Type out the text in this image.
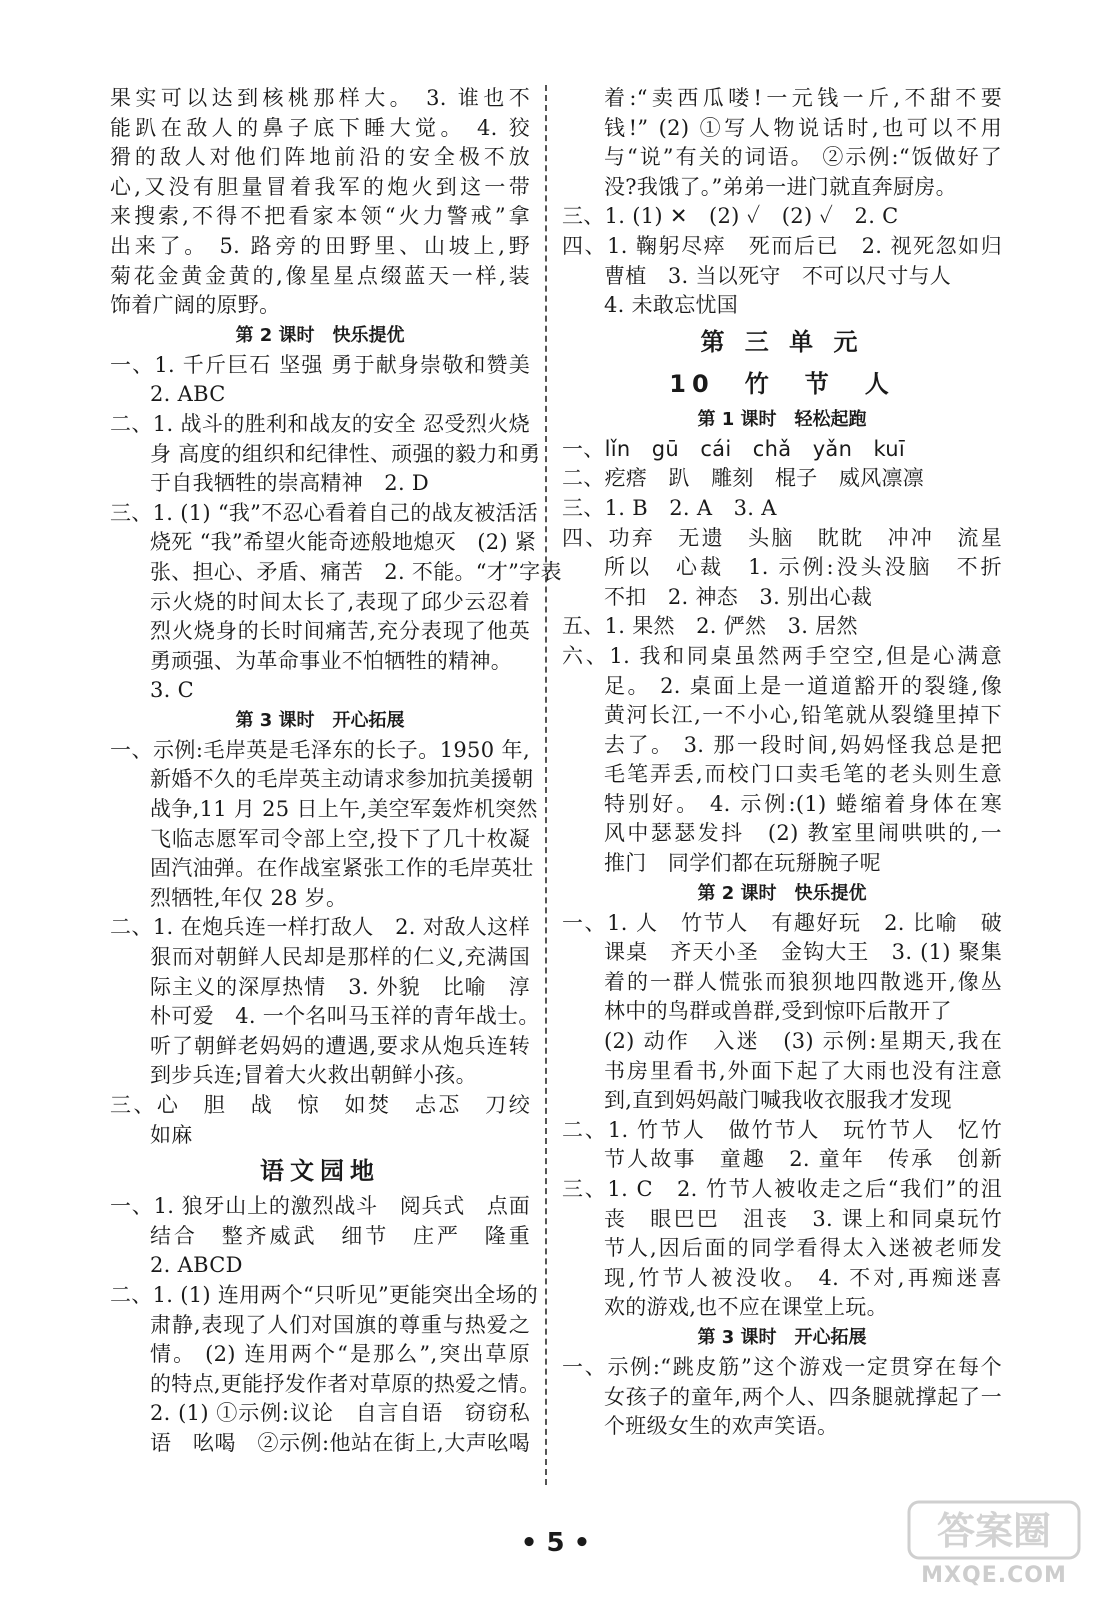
果实可以达到核桃那样大。 3. 谁也不
能趴在敌人的鼻子底下睡大觉。 4. 狡
猾的敌人对他们阵地前沿的安全极不放
心,又没有胆量冒着我军的炮火到这一带
来搜索,不得不把看家本领“火力警戒”拿
出来了。 5. 路旁的田野里、山坡上,野
菊花金黄金黄的,像星星点缀蓝天一样,装
饰着广阔的原野。
第 2 课时　快乐提优
一、1. 千斤巨石 坚强 勇于献身崇敬和赞美
2. ABC
二、1. 战斗的胜利和战友的安全 忍受烈火烧
身 高度的组织和纪律性、顽强的毅力和勇
于自我牺牲的崇高精神　2. D
三、1. (1) “我”不忍心看着自己的战友被活活
烧死 “我”希望火能奇迹般地熄灭　(2) 紧
张、担心、矛盾、痛苦　2. 不能。“才”字表
示火烧的时间太长了,表现了邱少云忍着
烈火烧身的长时间痛苦,充分表现了他英
勇顽强、为革命事业不怕牺牲的精神。
3. C
第 3 课时　开心拓展
一、示例:毛岸英是毛泽东的长子。1950 年,
新婚不久的毛岸英主动请求参加抗美援朝
战争,11 月 25 日上午,美空军轰炸机突然
飞临志愿军司令部上空,投下了几十枚凝
固汽油弹。在作战室紧张工作的毛岸英壮
烈牺牲,年仅 28 岁。
二、1. 在炮兵连一样打敌人　2. 对敌人这样
狠而对朝鲜人民却是那样的仁义,充满国
际主义的深厚热情　3. 外貌　比喻　淳
朴可爱　4. 一个名叫马玉祥的青年战士。
听了朝鲜老妈妈的遭遇,要求从炮兵连转
到步兵连;冒着大火救出朝鲜小孩。
三、心　胆　战　惊　如焚　忐忑　刀绞
如麻
语文园地
一、1. 狼牙山上的激烈战斗　阅兵式　点面
结合　整齐威武　细节　庄严　隆重
2. ABCD
二、1. (1) 连用两个“只听见”更能突出全场的
肃静,表现了人们对国旗的尊重与热爱之
情。 (2) 连用两个“是那么”,突出草原
的特点,更能抒发作者对草原的热爱之情。
2. (1) ①示例:议论　自言自语　窃窃私
语　吆喝　②示例:他站在街上,大声吆喝
着:“卖西瓜喽!一元钱一斤,不甜不要
钱!” (2) ①写人物说话时,也可以不用
与“说”有关的词语。 ②示例:“饭做好了
没?我饿了。”弟弟一进门就直奔厨房。
三、1. (1) ✕　(2) ✓　(2) ✓　2. C
四、1. 鞠躬尽瘁　死而后已　2. 视死忽如归
曹植　3. 当以死守　不可以尺寸与人
4. 未敢忘忧国
第 三 单 元
10　竹　节　人
第 1 课时　轻松起跑
一、lǐn　gū　cái　chǎ　yǎn　kuī
二、疙瘩　趴　雕刻　棍子　威风凛凛
三、1. B　2. A　3. A
四、功弃　无遗　头脑　眈眈　冲冲　流星
所以　心裁　1. 示例:没头没脑　不折
不扣　2. 神态　3. 别出心裁
五、1. 果然　2. 俨然　3. 居然
六、1. 我和同桌虽然两手空空,但是心满意
足。 2. 桌面上是一道道豁开的裂缝,像
黄河长江,一不小心,铅笔就从裂缝里掉下
去了。 3. 那一段时间,妈妈怪我总是把
毛笔弄丢,而校门口卖毛笔的老头则生意
特别好。 4. 示例:(1) 蜷缩着身体在寒
风中瑟瑟发抖　(2) 教室里闹哄哄的,一
推门　同学们都在玩掰腕子呢
第 2 课时　快乐提优
一、1. 人　竹节人　有趣好玩　2. 比喻　破
课桌　齐天小圣　金钩大王　3. (1) 聚集
着的一群人慌张而狼狈地四散逃开,像丛
林中的鸟群或兽群,受到惊吓后散开了
(2) 动作　入迷　(3) 示例:星期天,我在
书房里看书,外面下起了大雨也没有注意
到,直到妈妈敲门喊我收衣服我才发现
二、1. 竹节人　做竹节人　玩竹节人　忆竹
节人故事　童趣　2. 童年　传承　创新
三、1. C　2. 竹节人被收走之后“我们”的沮
丧　眼巴巴　沮丧　3. 课上和同桌玩竹
节人,因后面的同学看得太入迷被老师发
现,竹节人被没收。 4. 不对,再痴迷喜
欢的游戏,也不应在课堂上玩。
第 3 课时　开心拓展
一、示例:“跳皮筋”这个游戏一定贯穿在每个
女孩子的童年,两个人、四条腿就撑起了一
个班级女生的欢声笑语。
• 5 •	答案圈
MXQE.COM
